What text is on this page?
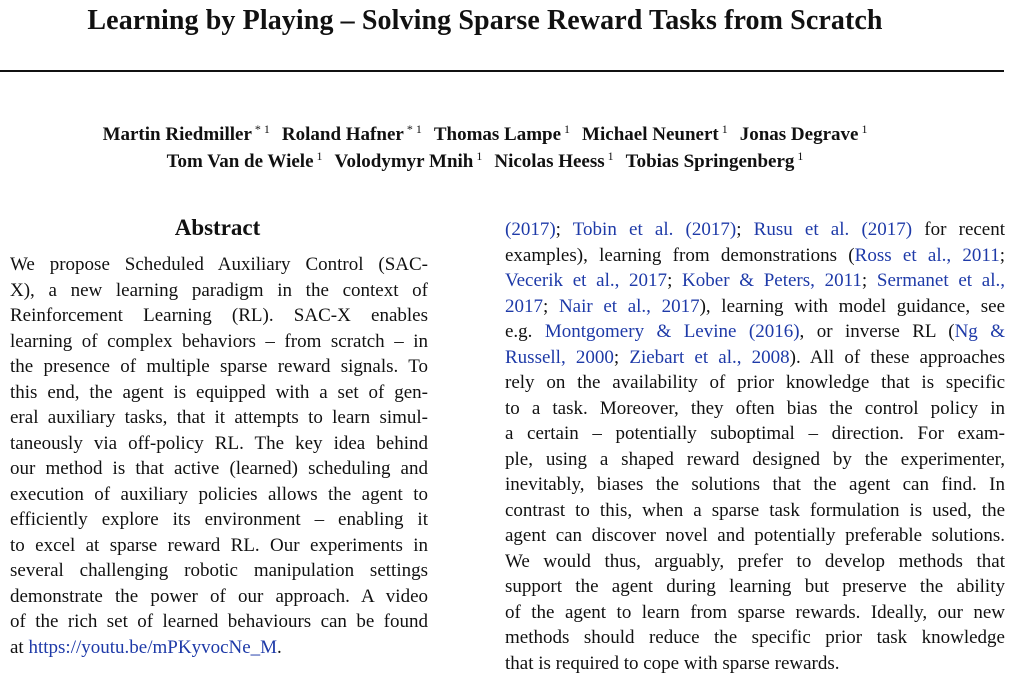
Learning by Playing – Solving Sparse Reward Tasks from Scratch
Martin Riedmiller $^{* 1}$ Roland Hafner $^{* 1}$ Thomas Lampe $^1$ Michael Neunert $^1$ Jonas Degrave $^1$
Tom Van de Wiele $^1$ Volodymyr Mnih $^1$ Nicolas Heess $^1$ Tobias Springenberg $^1$
Abstract
We propose Scheduled Auxiliary Control (SAC-
X), a new learning paradigm in the context of
Reinforcement Learning (RL). SAC-X enables
learning of complex behaviors – from scratch – in
the presence of multiple sparse reward signals. To
this end, the agent is equipped with a set of gen-
eral auxiliary tasks, that it attempts to learn simul-
taneously via off-policy RL. The key idea behind
our method is that active (learned) scheduling and
execution of auxiliary policies allows the agent to
efficiently explore its environment – enabling it
to excel at sparse reward RL. Our experiments in
several challenging robotic manipulation settings
demonstrate the power of our approach. A video
of the rich set of learned behaviours can be found
at https://youtu.be/mPKyvocNe_M.
(2017); Tobin et al. (2017); Rusu et al. (2017) for recent
examples), learning from demonstrations (Ross et al., 2011;
Vecerik et al., 2017; Kober & Peters, 2011; Sermanet et al.,
2017; Nair et al., 2017), learning with model guidance, see
e.g. Montgomery & Levine (2016), or inverse RL (Ng &
Russell, 2000; Ziebart et al., 2008). All of these approaches
rely on the availability of prior knowledge that is specific
to a task. Moreover, they often bias the control policy in
a certain – potentially suboptimal – direction. For exam-
ple, using a shaped reward designed by the experimenter,
inevitably, biases the solutions that the agent can find. In
contrast to this, when a sparse task formulation is used, the
agent can discover novel and potentially preferable solutions.
We would thus, arguably, prefer to develop methods that
support the agent during learning but preserve the ability
of the agent to learn from sparse rewards. Ideally, our new
methods should reduce the specific prior task knowledge
that is required to cope with sparse rewards.
